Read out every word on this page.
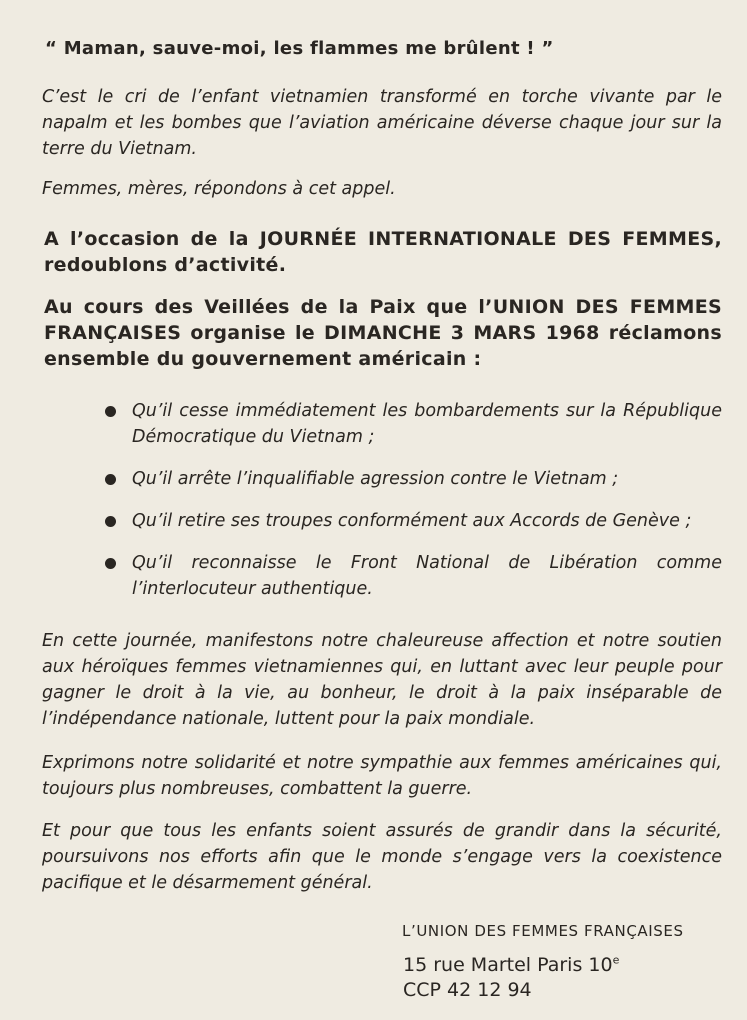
“ Maman, sauve-moi, les flammes me brûlent ! ”
C’est le cri de l’enfant vietnamien transformé en torche vivante par le napalm et les bombes que l’aviation américaine déverse chaque jour sur la terre du Vietnam.
Femmes, mères, répondons à cet appel.
A l’occasion de la JOURNÉE INTERNATIONALE DES FEMMES, redoublons d’activité.
Au cours des Veillées de la Paix que l’UNION DES FEMMES FRANÇAISES organise le DIMANCHE 3 MARS 1968 réclamons ensemble du gouvernement américain :
Qu’il cesse immédiatement les bombardements sur la République Démocratique du Vietnam ;
Qu’il arrête l’inqualifiable agression contre le Vietnam ;
Qu’il retire ses troupes conformément aux Accords de Genève ;
Qu’il reconnaisse le Front National de Libération comme l’interlocuteur authentique.
En cette journée, manifestons notre chaleureuse affection et notre soutien aux héroïques femmes vietnamiennes qui, en luttant avec leur peuple pour gagner le droit à la vie, au bonheur, le droit à la paix inséparable de l’indépendance nationale, luttent pour la paix mondiale.
Exprimons notre solidarité et notre sympathie aux femmes américaines qui, toujours plus nombreuses, combattent la guerre.
Et pour que tous les enfants soient assurés de grandir dans la sécurité, poursuivons nos efforts afin que le monde s’engage vers la coexistence pacifique et le désarmement général.
L’UNION DES FEMMES FRANÇAISES
15 rue Martel Paris 10e
CCP 42 12 94
